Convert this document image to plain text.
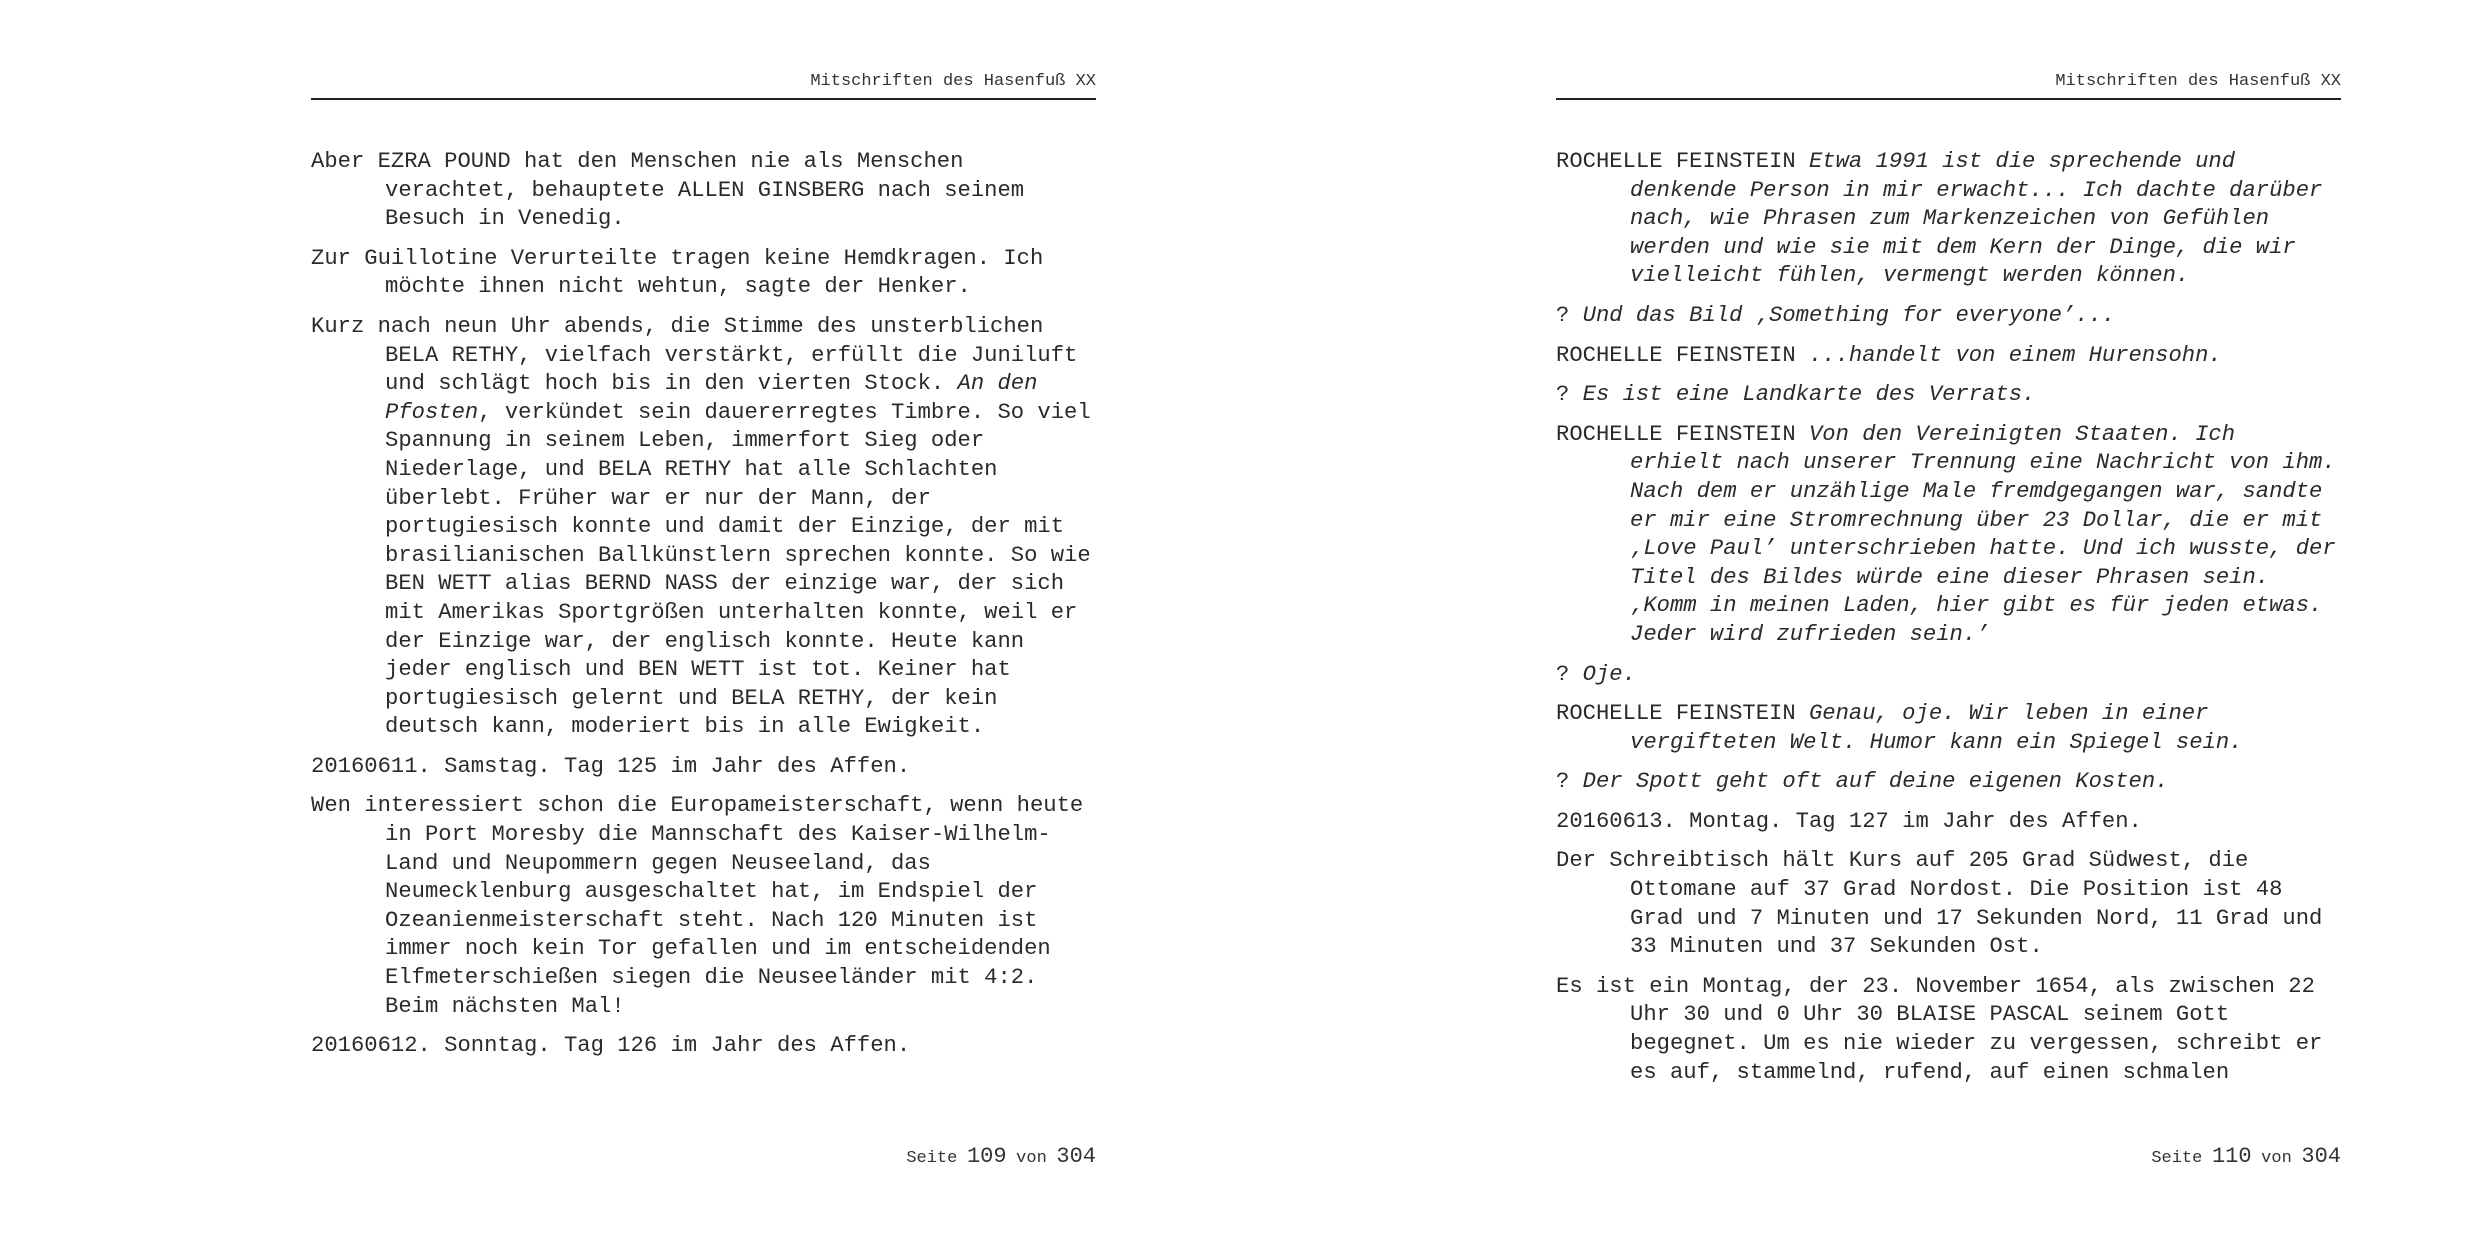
Mitschriften des Hasenfuß XX

Aber EZRA POUND hat den Menschen nie als Menschen verachtet, behauptete ALLEN GINSBERG nach seinem Besuch in Venedig.

Zur Guillotine Verurteilte tragen keine Hemdkragen. Ich möchte ihnen nicht wehtun, sagte der Henker.

Kurz nach neun Uhr abends, die Stimme des unsterblichen BELA RETHY, vielfach verstärkt, erfüllt die Juniluft und schlägt hoch bis in den vierten Stock. An den Pfosten, verkündet sein dauererregtes Timbre. So viel Spannung in seinem Leben, immerfort Sieg oder Niederlage, und BELA RETHY hat alle Schlachten überlebt. Früher war er nur der Mann, der portugiesisch konnte und damit der Einzige, der mit brasilianischen Ballkünstlern sprechen konnte. So wie BEN WETT alias BERND NASS der einzige war, der sich mit Amerikas Sportgrößen unterhalten konnte, weil er der Einzige war, der englisch konnte. Heute kann jeder englisch und BEN WETT ist tot. Keiner hat portugiesisch gelernt und BELA RETHY, der kein deutsch kann, moderiert bis in alle Ewigkeit.

20160611. Samstag. Tag 125 im Jahr des Affen.

Wen interessiert schon die Europameisterschaft, wenn heute in Port Moresby die Mannschaft des Kaiser-Wilhelm-Land und Neupommern gegen Neuseeland, das Neumecklenburg ausgeschaltet hat, im Endspiel der Ozeanienmeisterschaft steht. Nach 120 Minuten ist immer noch kein Tor gefallen und im entscheidenden Elfmeterschießen siegen die Neuseeländer mit 4:2. Beim nächsten Mal!

20160612. Sonntag. Tag 126 im Jahr des Affen.

Seite 109 von 304
Mitschriften des Hasenfuß XX

ROCHELLE FEINSTEIN Etwa 1991 ist die sprechende und denkende Person in mir erwacht... Ich dachte darüber nach, wie Phrasen zum Markenzeichen von Gefühlen werden und wie sie mit dem Kern der Dinge, die wir vielleicht fühlen, vermengt werden können.

? Und das Bild ‚Something for everyone’...

ROCHELLE FEINSTEIN ...handelt von einem Hurensohn.

? Es ist eine Landkarte des Verrats.

ROCHELLE FEINSTEIN Von den Vereinigten Staaten. Ich erhielt nach unserer Trennung eine Nachricht von ihm. Nach dem er unzählige Male fremdgegangen war, sandte er mir eine Stromrechnung über 23 Dollar, die er mit ‚Love Paul’ unterschrieben hatte. Und ich wusste, der Titel des Bildes würde eine dieser Phrasen sein. ‚Komm in meinen Laden, hier gibt es für jeden etwas. Jeder wird zufrieden sein.’

? Oje.

ROCHELLE FEINSTEIN Genau, oje. Wir leben in einer vergifteten Welt. Humor kann ein Spiegel sein.

? Der Spott geht oft auf deine eigenen Kosten.

20160613. Montag. Tag 127 im Jahr des Affen.

Der Schreibtisch hält Kurs auf 205 Grad Südwest, die Ottomane auf 37 Grad Nordost. Die Position ist 48 Grad und 7 Minuten und 17 Sekunden Nord, 11 Grad und 33 Minuten und 37 Sekunden Ost.

Es ist ein Montag, der 23. November 1654, als zwischen 22 Uhr 30 und 0 Uhr 30 BLAISE PASCAL seinem Gott begegnet. Um es nie wieder zu vergessen, schreibt er es auf, stammelnd, rufend, auf einen schmalen

Seite 110 von 304
